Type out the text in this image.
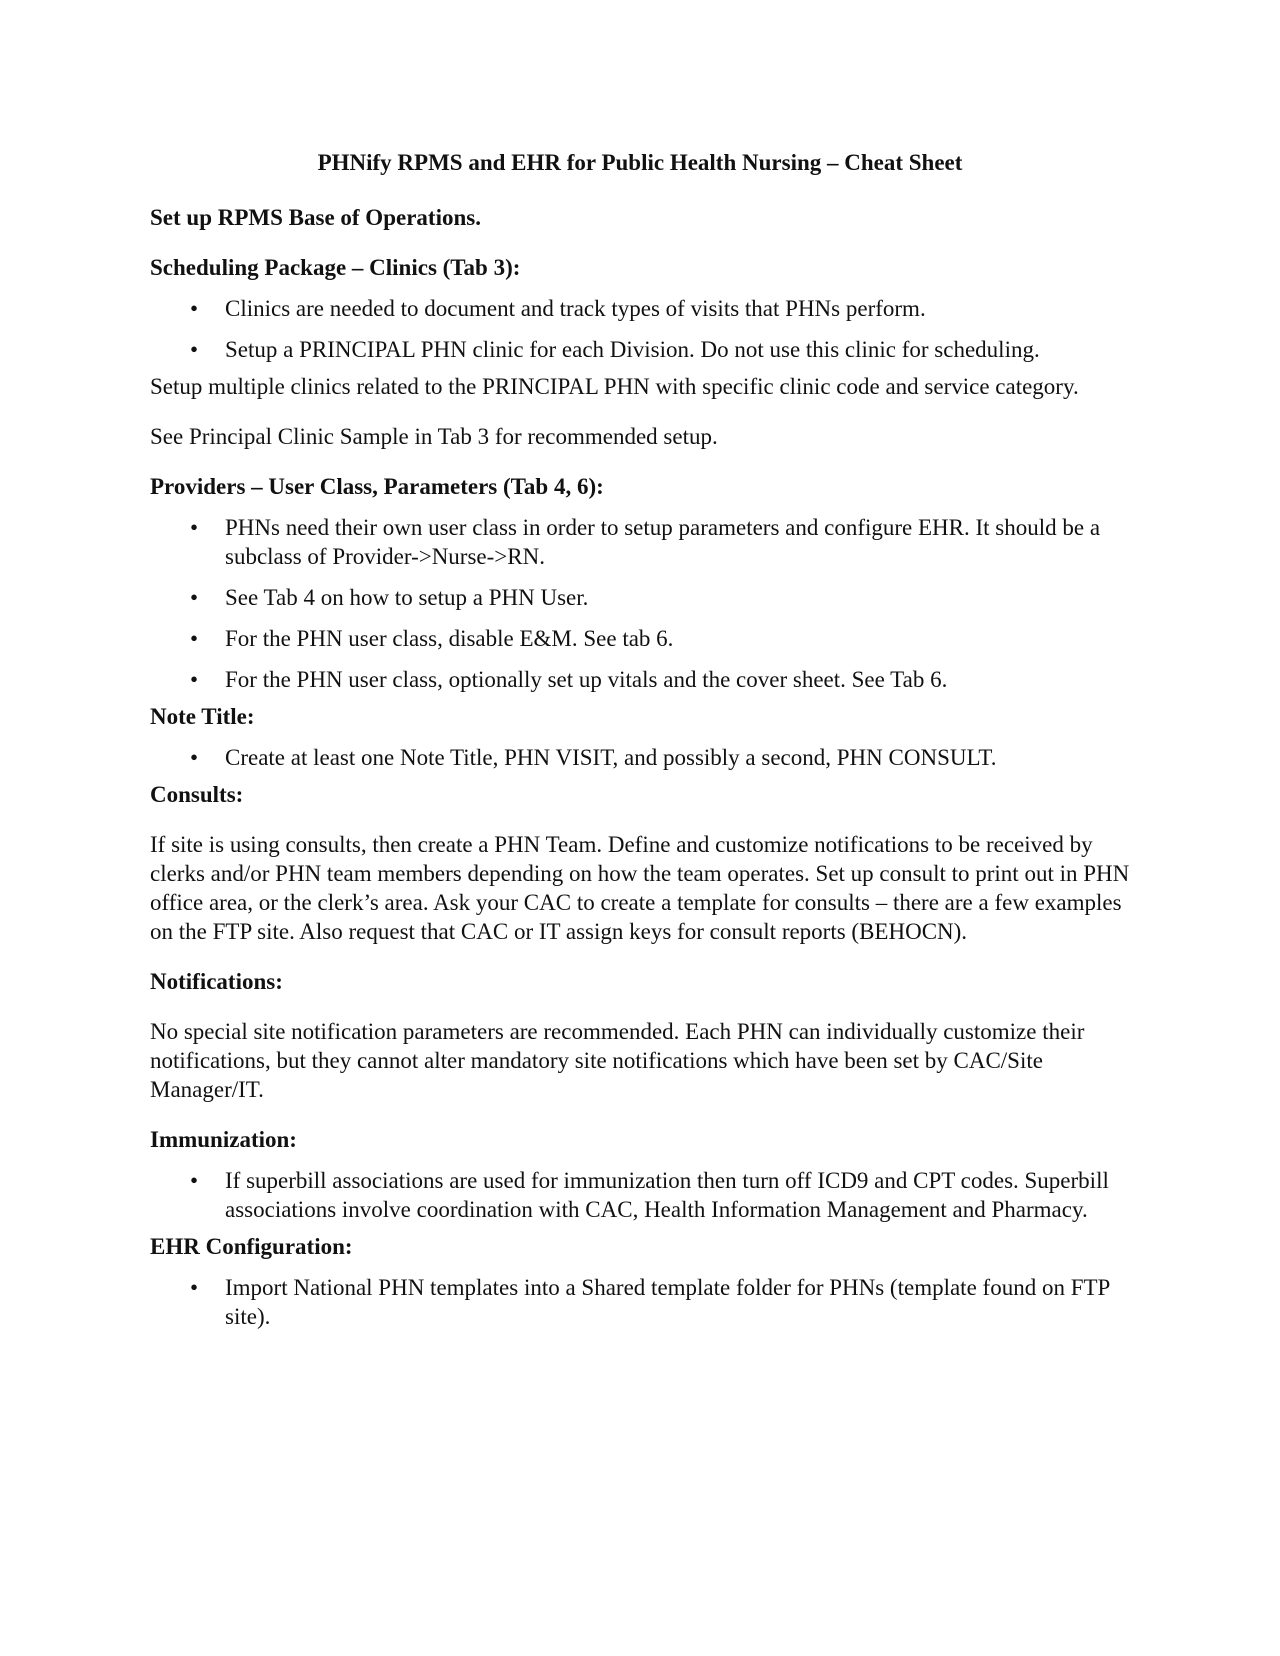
PHNify RPMS and EHR for Public Health Nursing – Cheat Sheet
Set up RPMS Base of Operations.
Scheduling Package – Clinics (Tab 3):
•	Clinics are needed to document and track types of visits that PHNs perform.
•	Setup a PRINCIPAL PHN clinic for each Division. Do not use this clinic for scheduling.

Setup multiple clinics related to the PRINCIPAL PHN with specific clinic code and service category.

See Principal Clinic Sample in Tab 3 for recommended setup.

Providers – User Class, Parameters (Tab 4, 6):
•	PHNs need their own user class in order to setup parameters and configure EHR. It should be a subclass of Provider->Nurse->RN.
•	See Tab 4 on how to setup a PHN User.
•	For the PHN user class, disable E&M. See tab 6.
•	For the PHN user class, optionally set up vitals and the cover sheet. See Tab 6.
Note Title:
•	Create at least one Note Title, PHN VISIT, and possibly a second, PHN CONSULT.
Consults:

If site is using consults, then create a PHN Team. Define and customize notifications to be received by clerks and/or PHN team members depending on how the team operates. Set up consult to print out in PHN office area, or the clerk’s area. Ask your CAC to create a template for consults – there are a few examples on the FTP site. Also request that CAC or IT assign keys for consult reports (BEHOCN).

Notifications:

No special site notification parameters are recommended. Each PHN can individually customize their notifications, but they cannot alter mandatory site notifications which have been set by CAC/Site Manager/IT.

Immunization:
•	If superbill associations are used for immunization then turn off ICD9 and CPT codes. Superbill associations involve coordination with CAC, Health Information Management and Pharmacy.
EHR Configuration:
•	Import National PHN templates into a Shared template folder for PHNs (template found on FTP site).
